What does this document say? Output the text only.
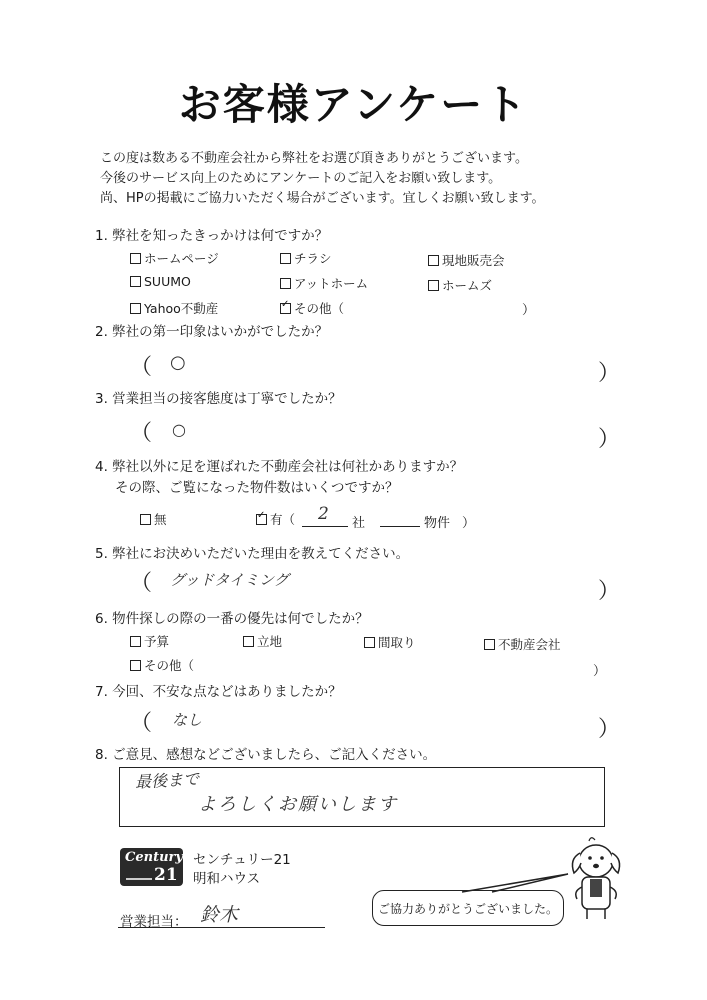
お客様アンケート
この度は数ある不動産会社から弊社をお選び頂きありがとうございます。
今後のサービス向上のためにアンケートのご記入をお願い致します。
尚、HPの掲載にご協力いただく場合がございます。宜しくお願い致します。
1. 弊社を知ったきっかけは何ですか？
ホームページ	チラシ	現地販売会
SUUMO	アットホーム	ホームズ
Yahoo不動産 ✓	その他（	）
2. 弊社の第一印象はいかがでしたか？
（ ○	）
3. 営業担当の接客態度は丁寧でしたか？
（ ○	）
4. 弊社以外に足を運ばれた不動産会社は何社かありますか？
その際、ご覧になった物件数はいくつですか？
無 ✓	有（ 2 社	物件 ）
5. 弊社にお決めいただいた理由を教えてください。
（ グッドタイミング	）
6. 物件探しの際の一番の優先は何でしたか？
予算	立地	間取り	不動産会社
その他（	）
7. 今回、不安な点などはありましたか？
（ なし	）
8. ご意見、感想などございましたら、ご記入ください。
最後まで
よろしくお願いします
Century
21
センチュリー21
明和ハウス
営業担当： 鈴木	ご協力ありがとうございました。
